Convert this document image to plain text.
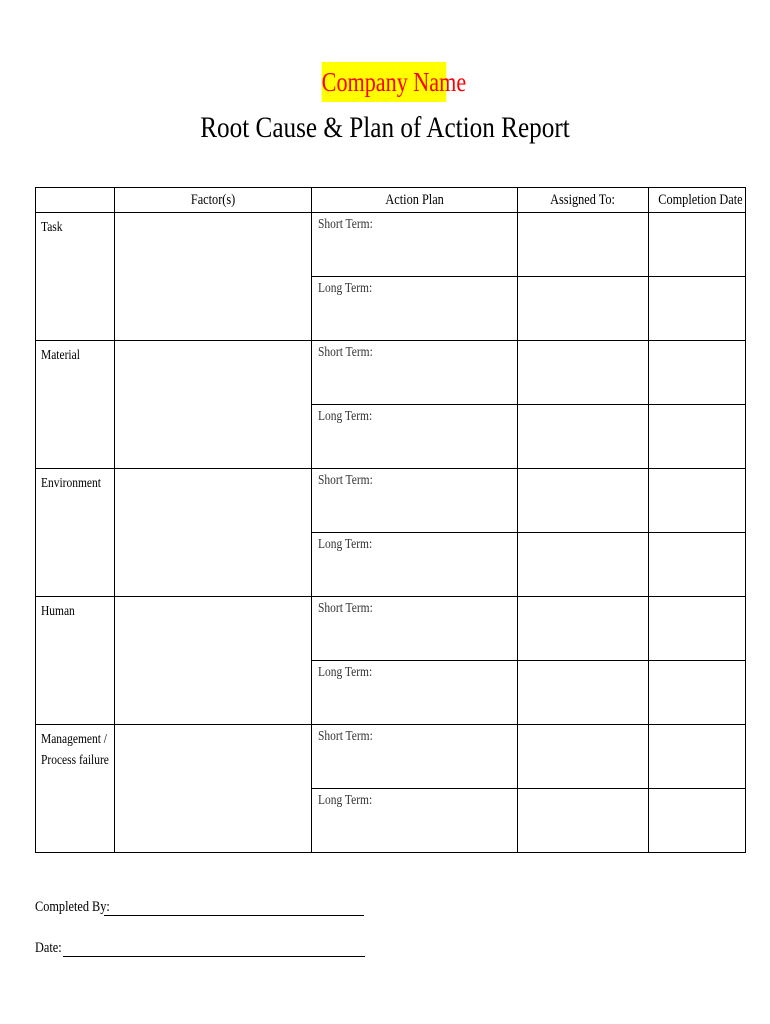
Company Name
Root Cause & Plan of Action Report
	Factor(s)	Action Plan	Assigned To:	Completion Date
Task		Short Term:		
		Long Term:		
Material		Short Term:		
		Long Term:		
Environment		Short Term:		
		Long Term:		
Human		Short Term:		
		Long Term:		
Management / Process failure		Short Term:		
		Long Term:		
Completed By:
Date:
